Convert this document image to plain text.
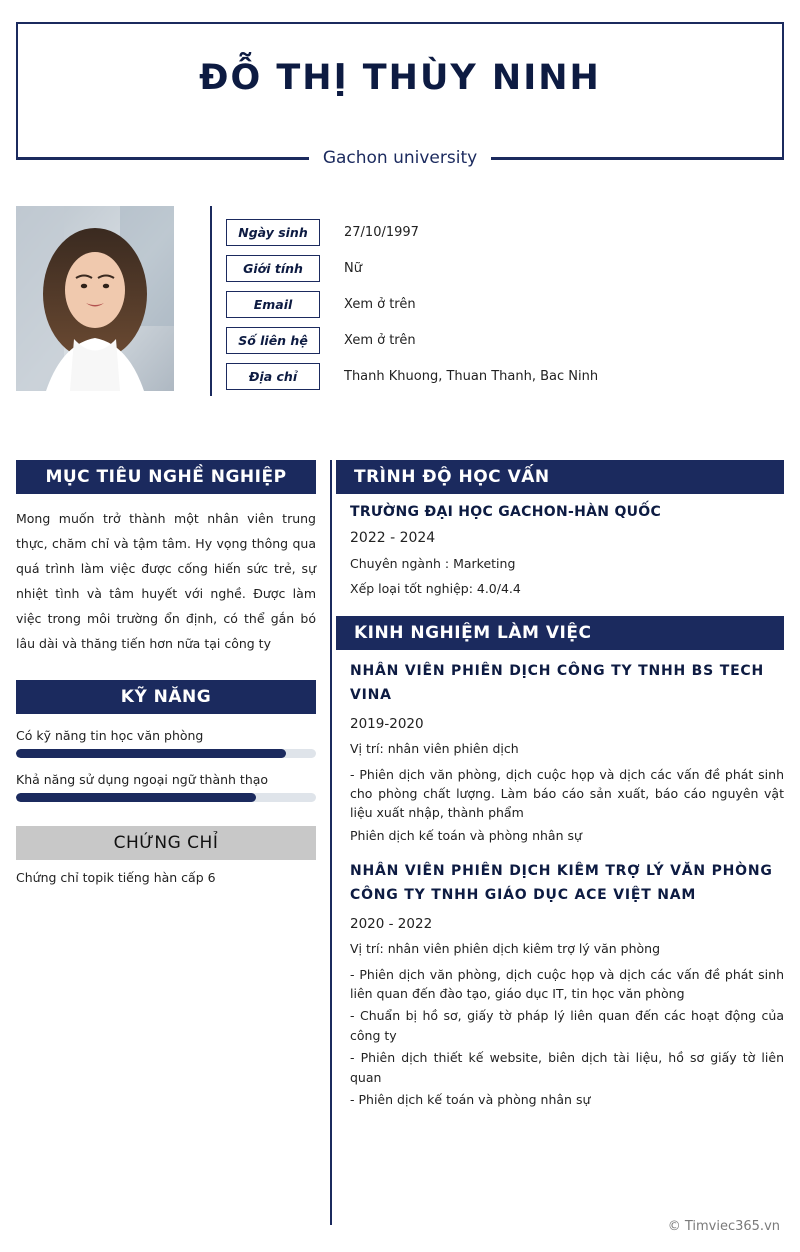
ĐỖ THỊ THÙY NINH
Gachon university
Ngày sinh	27/10/1997
Giới tính	Nữ
Email	Xem ở trên
Số liên hệ	Xem ở trên
Địa chỉ	Thanh Khuong, Thuan Thanh, Bac Ninh
MỤC TIÊU NGHỀ NGHIỆP
Mong muốn trở thành một nhân viên trung thực, chăm chỉ và tậm tâm. Hy vọng thông qua quá trình làm việc được cống hiến sức trẻ, sự nhiệt tình và tâm huyết với nghề. Được làm việc trong môi trường ổn định, có thể gắn bó lâu dài và thăng tiến hơn nữa tại công ty
KỸ NĂNG
Có kỹ năng tin học văn phòng
Khả năng sử dụng ngoại ngữ thành thạo
CHỨNG CHỈ
Chứng chỉ topik tiếng hàn cấp 6
TRÌNH ĐỘ HỌC VẤN
TRƯỜNG ĐẠI HỌC GACHON-HÀN QUỐC
2022 - 2024
Chuyên ngành : Marketing
Xếp loại tốt nghiệp: 4.0/4.4
KINH NGHIỆM LÀM VIỆC
NHÂN VIÊN PHIÊN DỊCH CÔNG TY TNHH BS TECH VINA
2019-2020
Vị trí: nhân viên phiên dịch
- Phiên dịch văn phòng, dịch cuộc họp và dịch các vấn đề phát sinh cho phòng chất lượng. Làm báo cáo sản xuất, báo cáo nguyên vật liệu xuất nhập, thành phẩm
Phiên dịch kế toán và phòng nhân sự
NHÂN VIÊN PHIÊN DỊCH KIÊM TRỢ LÝ VĂN PHÒNG CÔNG TY TNHH GIÁO DỤC ACE VIỆT NAM
2020 - 2022
Vị trí: nhân viên phiên dịch kiêm trợ lý văn phòng
- Phiên dịch văn phòng, dịch cuộc họp và dịch các vấn đề phát sinh liên quan đến đào tạo, giáo dục IT, tin học văn phòng
- Chuẩn bị hồ sơ, giấy tờ pháp lý liên quan đến các hoạt động của công ty
- Phiên dịch thiết kế website, biên dịch tài liệu, hồ sơ giấy tờ liên quan
- Phiên dịch kế toán và phòng nhân sự
© Timviec365.vn
